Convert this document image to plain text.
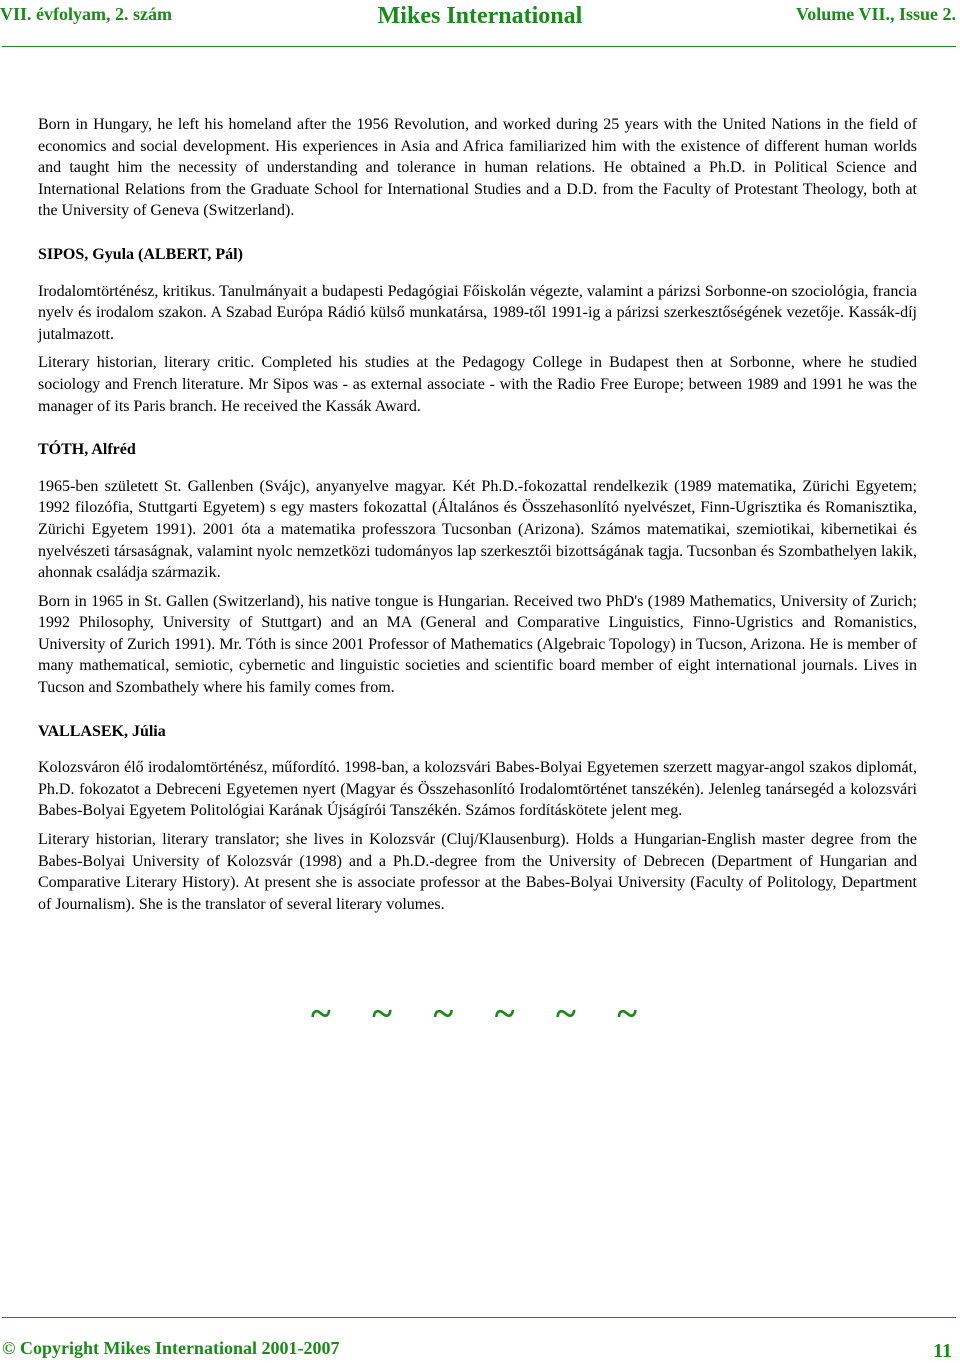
VII. évfolyam, 2. szám	Mikes International	Volume VII., Issue 2.

Born in Hungary, he left his homeland after the 1956 Revolution, and worked during 25 years with the United Nations in the field of economics and social development. His experiences in Asia and Africa familiarized him with the existence of different human worlds and taught him the necessity of understanding and tolerance in human relations. He obtained a Ph.D. in Political Science and International Relations from the Graduate School for International Studies and a D.D. from the Faculty of Protestant Theology, both at the University of Geneva (Switzerland).

SIPOS, Gyula (ALBERT, Pál)

Irodalomtörténész, kritikus. Tanulmányait a budapesti Pedagógiai Főiskolán végezte, valamint a párizsi Sorbonne-on szociológia, francia nyelv és irodalom szakon. A Szabad Európa Rádió külső munkatársa, 1989-től 1991-ig a párizsi szerkesztőségének vezetője. Kassák-díj jutalmazott.

Literary historian, literary critic. Completed his studies at the Pedagogy College in Budapest then at Sorbonne, where he studied sociology and French literature. Mr Sipos was - as external associate - with the Radio Free Europe; between 1989 and 1991 he was the manager of its Paris branch. He received the Kassák Award.

TÓTH, Alfréd

1965-ben született St. Gallenben (Svájc), anyanyelve magyar. Két Ph.D.-fokozattal rendelkezik (1989 matematika, Zürichi Egyetem; 1992 filozófia, Stuttgarti Egyetem) s egy masters fokozattal (Általános és Összehasonlító nyelvészet, Finn-Ugrisztika és Romanisztika, Zürichi Egyetem 1991). 2001 óta a matematika professzora Tucsonban (Arizona). Számos matematikai, szemiotikai, kibernetikai és nyelvészeti társaságnak, valamint nyolc nemzetközi tudományos lap szerkesztői bizottságának tagja. Tucsonban és Szombathelyen lakik, ahonnak családja származik.

Born in 1965 in St. Gallen (Switzerland), his native tongue is Hungarian. Received two PhD's (1989 Mathematics, University of Zurich; 1992 Philosophy, University of Stuttgart) and an MA (General and Comparative Linguistics, Finno-Ugristics and Romanistics, University of Zurich 1991). Mr. Tóth is since 2001 Professor of Mathematics (Algebraic Topology) in Tucson, Arizona. He is member of many mathematical, semiotic, cybernetic and linguistic societies and scientific board member of eight international journals. Lives in Tucson and Szombathely where his family comes from.

VALLASEK, Júlia

Kolozsváron élő irodalomtörténész, műfordító. 1998-ban, a kolozsvári Babes-Bolyai Egyetemen szerzett magyar-angol szakos diplomát, Ph.D. fokozatot a Debreceni Egyetemen nyert (Magyar és Összehasonlító Irodalomtörténet tanszékén). Jelenleg tanársegéd a kolozsvári Babes-Bolyai Egyetem Politológiai Karának Újságírói Tanszékén. Számos fordításkötete jelent meg.

Literary historian, literary translator; she lives in Kolozsvár (Cluj/Klausenburg). Holds a Hungarian-English master degree from the Babes-Bolyai University of Kolozsvár (1998) and a Ph.D.-degree from the University of Debrecen (Department of Hungarian and Comparative Literary History). At present she is associate professor at the Babes-Bolyai University (Faculty of Politology, Department of Journalism). She is the translator of several literary volumes.

~ ~ ~ ~ ~ ~
© Copyright Mikes International 2001-2007	11
